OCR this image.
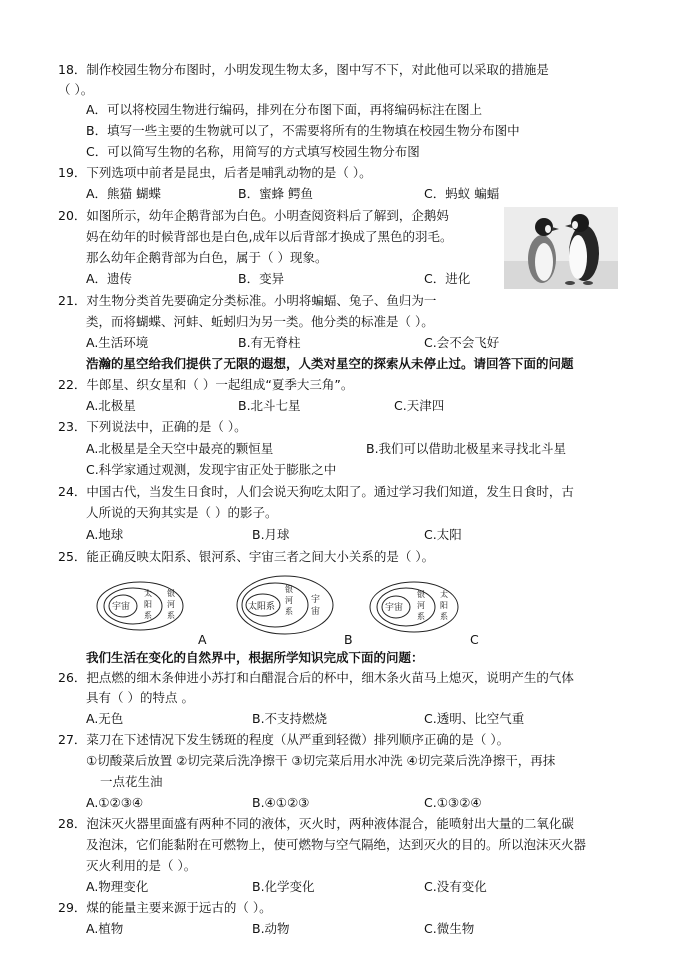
18．制作校园生物分布图时，小明发现生物太多，图中写不下，对此他可以采取的措施是
（ ）。
A．可以将校园生物进行编码，排列在分布图下面，再将编码标注在图上
B．填写一些主要的生物就可以了，不需要将所有的生物填在校园生物分布图中
C．可以简写生物的名称，用简写的方式填写校园生物分布图
19．下列选项中前者是昆虫，后者是哺乳动物的是（ ）。
A．熊猫 蝴蝶	B．蜜蜂 鳄鱼	C．蚂蚁 蝙蝠
20．如图所示，幼年企鹅背部为白色。小明查阅资料后了解到，企鹅妈
妈在幼年的时候背部也是白色,成年以后背部才换成了黑色的羽毛。
那么幼年企鹅背部为白色，属于（ ）现象。
A．遗传	B．变异	C．进化
21．对生物分类首先要确定分类标准。小明将蝙蝠、兔子、鱼归为一
类，而将蝴蝶、河蚌、蚯蚓归为另一类。他分类的标准是（ ）。
A.生活环境	B.有无脊柱	C.会不会飞好
浩瀚的星空给我们提供了无限的遐想，人类对星空的探索从未停止过。请回答下面的问题
22．牛郎星、织女星和（ ）一起组成“夏季大三角”。
A.北极星	B.北斗七星	C.天津四
23．下列说法中，正确的是（ ）。
A.北极星是全天空中最亮的颗恒星	B.我们可以借助北极星来寻找北斗星
C.科学家通过观测，发现宇宙正处于膨胀之中
24．中国古代，当发生日食时，人们会说天狗吃太阳了。通过学习我们知道，发生日食时，古
人所说的天狗其实是（ ）的影子。
A.地球	B.月球	C.太阳
25．能正确反映太阳系、银河系、宇宙三者之间大小关系的是（ ）。
宇宙
太阳系
银河系
A
太阳系
银河系
宇宙
B
宇宙
银河系
太阳系
C
我们生活在变化的自然界中，根据所学知识完成下面的问题：
26．把点燃的细木条伸进小苏打和白醋混合后的杯中，细木条火苗马上熄灭，说明产生的气体
具有（ ）的特点 。
A.无色	B.不支持燃烧	C.透明、比空气重
27．菜刀在下述情况下发生锈斑的程度（从严重到轻微）排列顺序正确的是（ ）。
①切酸菜后放置 ②切完菜后洗净擦干 ③切完菜后用水冲洗 ④切完菜后洗净擦干，再抹
一点花生油
A.①②③④	B.④①②③	C.①③②④
28．泡沫灭火器里面盛有两种不同的液体，灭火时，两种液体混合，能喷射出大量的二氧化碳
及泡沫，它们能黏附在可燃物上，使可燃物与空气隔绝，达到灭火的目的。所以泡沫灭火器
灭火利用的是（ ）。
A.物理变化	B.化学变化	C.没有变化
29．煤的能量主要来源于远古的（ ）。
A.植物	B.动物	C.微生物
